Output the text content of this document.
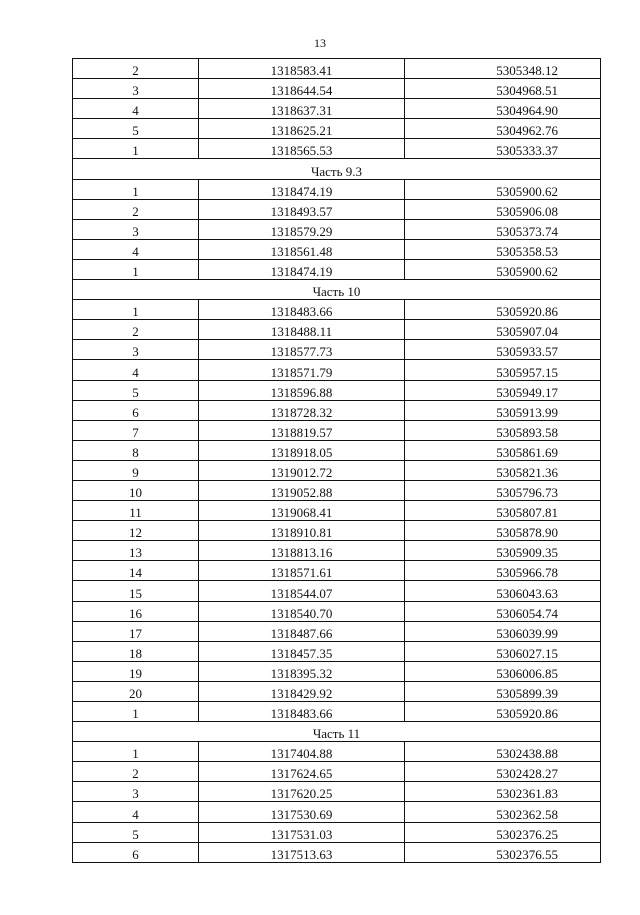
13
2	1318583.41	5305348.12
3	1318644.54	5304968.51
4	1318637.31	5304964.90
5	1318625.21	5304962.76
1	1318565.53	5305333.37
Часть 9.3		
1	1318474.19	5305900.62
2	1318493.57	5305906.08
3	1318579.29	5305373.74
4	1318561.48	5305358.53
1	1318474.19	5305900.62
Часть 10		
1	1318483.66	5305920.86
2	1318488.11	5305907.04
3	1318577.73	5305933.57
4	1318571.79	5305957.15
5	1318596.88	5305949.17
6	1318728.32	5305913.99
7	1318819.57	5305893.58
8	1318918.05	5305861.69
9	1319012.72	5305821.36
10	1319052.88	5305796.73
11	1319068.41	5305807.81
12	1318910.81	5305878.90
13	1318813.16	5305909.35
14	1318571.61	5305966.78
15	1318544.07	5306043.63
16	1318540.70	5306054.74
17	1318487.66	5306039.99
18	1318457.35	5306027.15
19	1318395.32	5306006.85
20	1318429.92	5305899.39
1	1318483.66	5305920.86
Часть 11		
1	1317404.88	5302438.88
2	1317624.65	5302428.27
3	1317620.25	5302361.83
4	1317530.69	5302362.58
5	1317531.03	5302376.25
6	1317513.63	5302376.55
